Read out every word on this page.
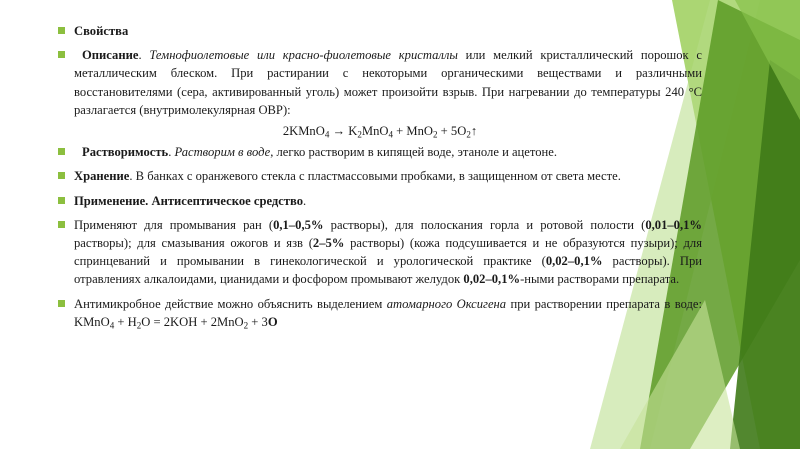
Свойства
Описание. Темнофиолетовые или красно-фиолетовые кристаллы или мелкий кристаллический порошок с металлическим блеском. При растирании с некоторыми органическими веществами и различными восстановителями (сера, активированный уголь) может произойти взрыв. При нагревании до температуры 240 °С разлагается (внутримолекулярная ОВР):
2KMnO$_4$ → $K_2MnO_4 + MnO_2$ + $5O_2↑$
Растворимость. Растворим в воде, легко растворим в кипящей воде, этаноле и ацетоне.
Хранение. В банках с оранжевого стекла с пластмассовыми пробками, в защищенном от света месте.
Применение. Антисептическое средство.
Применяют для промывания ран (0,1–0,5% растворы), для полоскания горла и ротовой полости (0,01–0,1% растворы); для смазывания ожогов и язв (2–5% растворы) (кожа подсушивается и не образуются пузыри); для спринцеваний и промывании в гинекологической и урологической практике (0,02–0,1% растворы). При отравлениях алкалоидами, цианидами и фосфором промывают желудок 0,02–0,1%-ными растворами препарата.
Антимикробное действие можно объяснить выделением атомарного Оксигена при растворении препарата в воде: KMnO$_4$ + $H_2O = 2KOH + 2MnO_2 + 3O$
